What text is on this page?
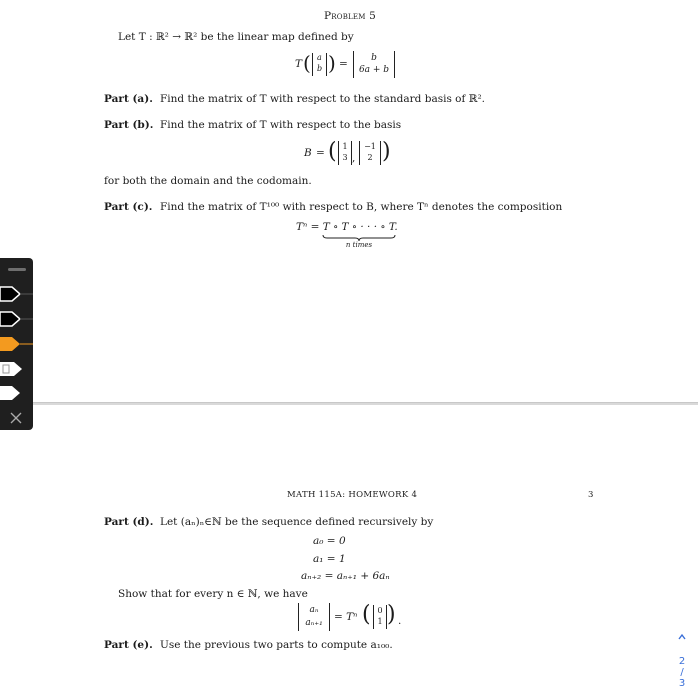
Problem 5
Let T : ℝ² → ℝ² be the linear map defined by
T ( a
b ) =	b
6a + b
Part (a). Find the matrix of T with respect to the standard basis of ℝ².
Part (b). Find the matrix of T with respect to the basis
B = ( 1
3 ,
−1
2 )
for both the domain and the codomain.
Part (c). Find the matrix of T¹⁰⁰ with respect to B, where Tⁿ denotes the composition
Tⁿ = T ∘ T ∘ · · · ∘ T.
n times
MATH 115A: HOMEWORK 4	3
Part (d). Let (aₙ)ₙ∈ℕ be the sequence defined recursively by
a₀ = 0
a₁ = 1
aₙ₊₂ = aₙ₊₁ + 6aₙ
Show that for every n ∈ ℕ, we have
aₙ
aₙ₊₁	= Tⁿ ( 0
1 ) .
Part (e). Use the previous two parts to compute a₁₀₀.
2
/
3
